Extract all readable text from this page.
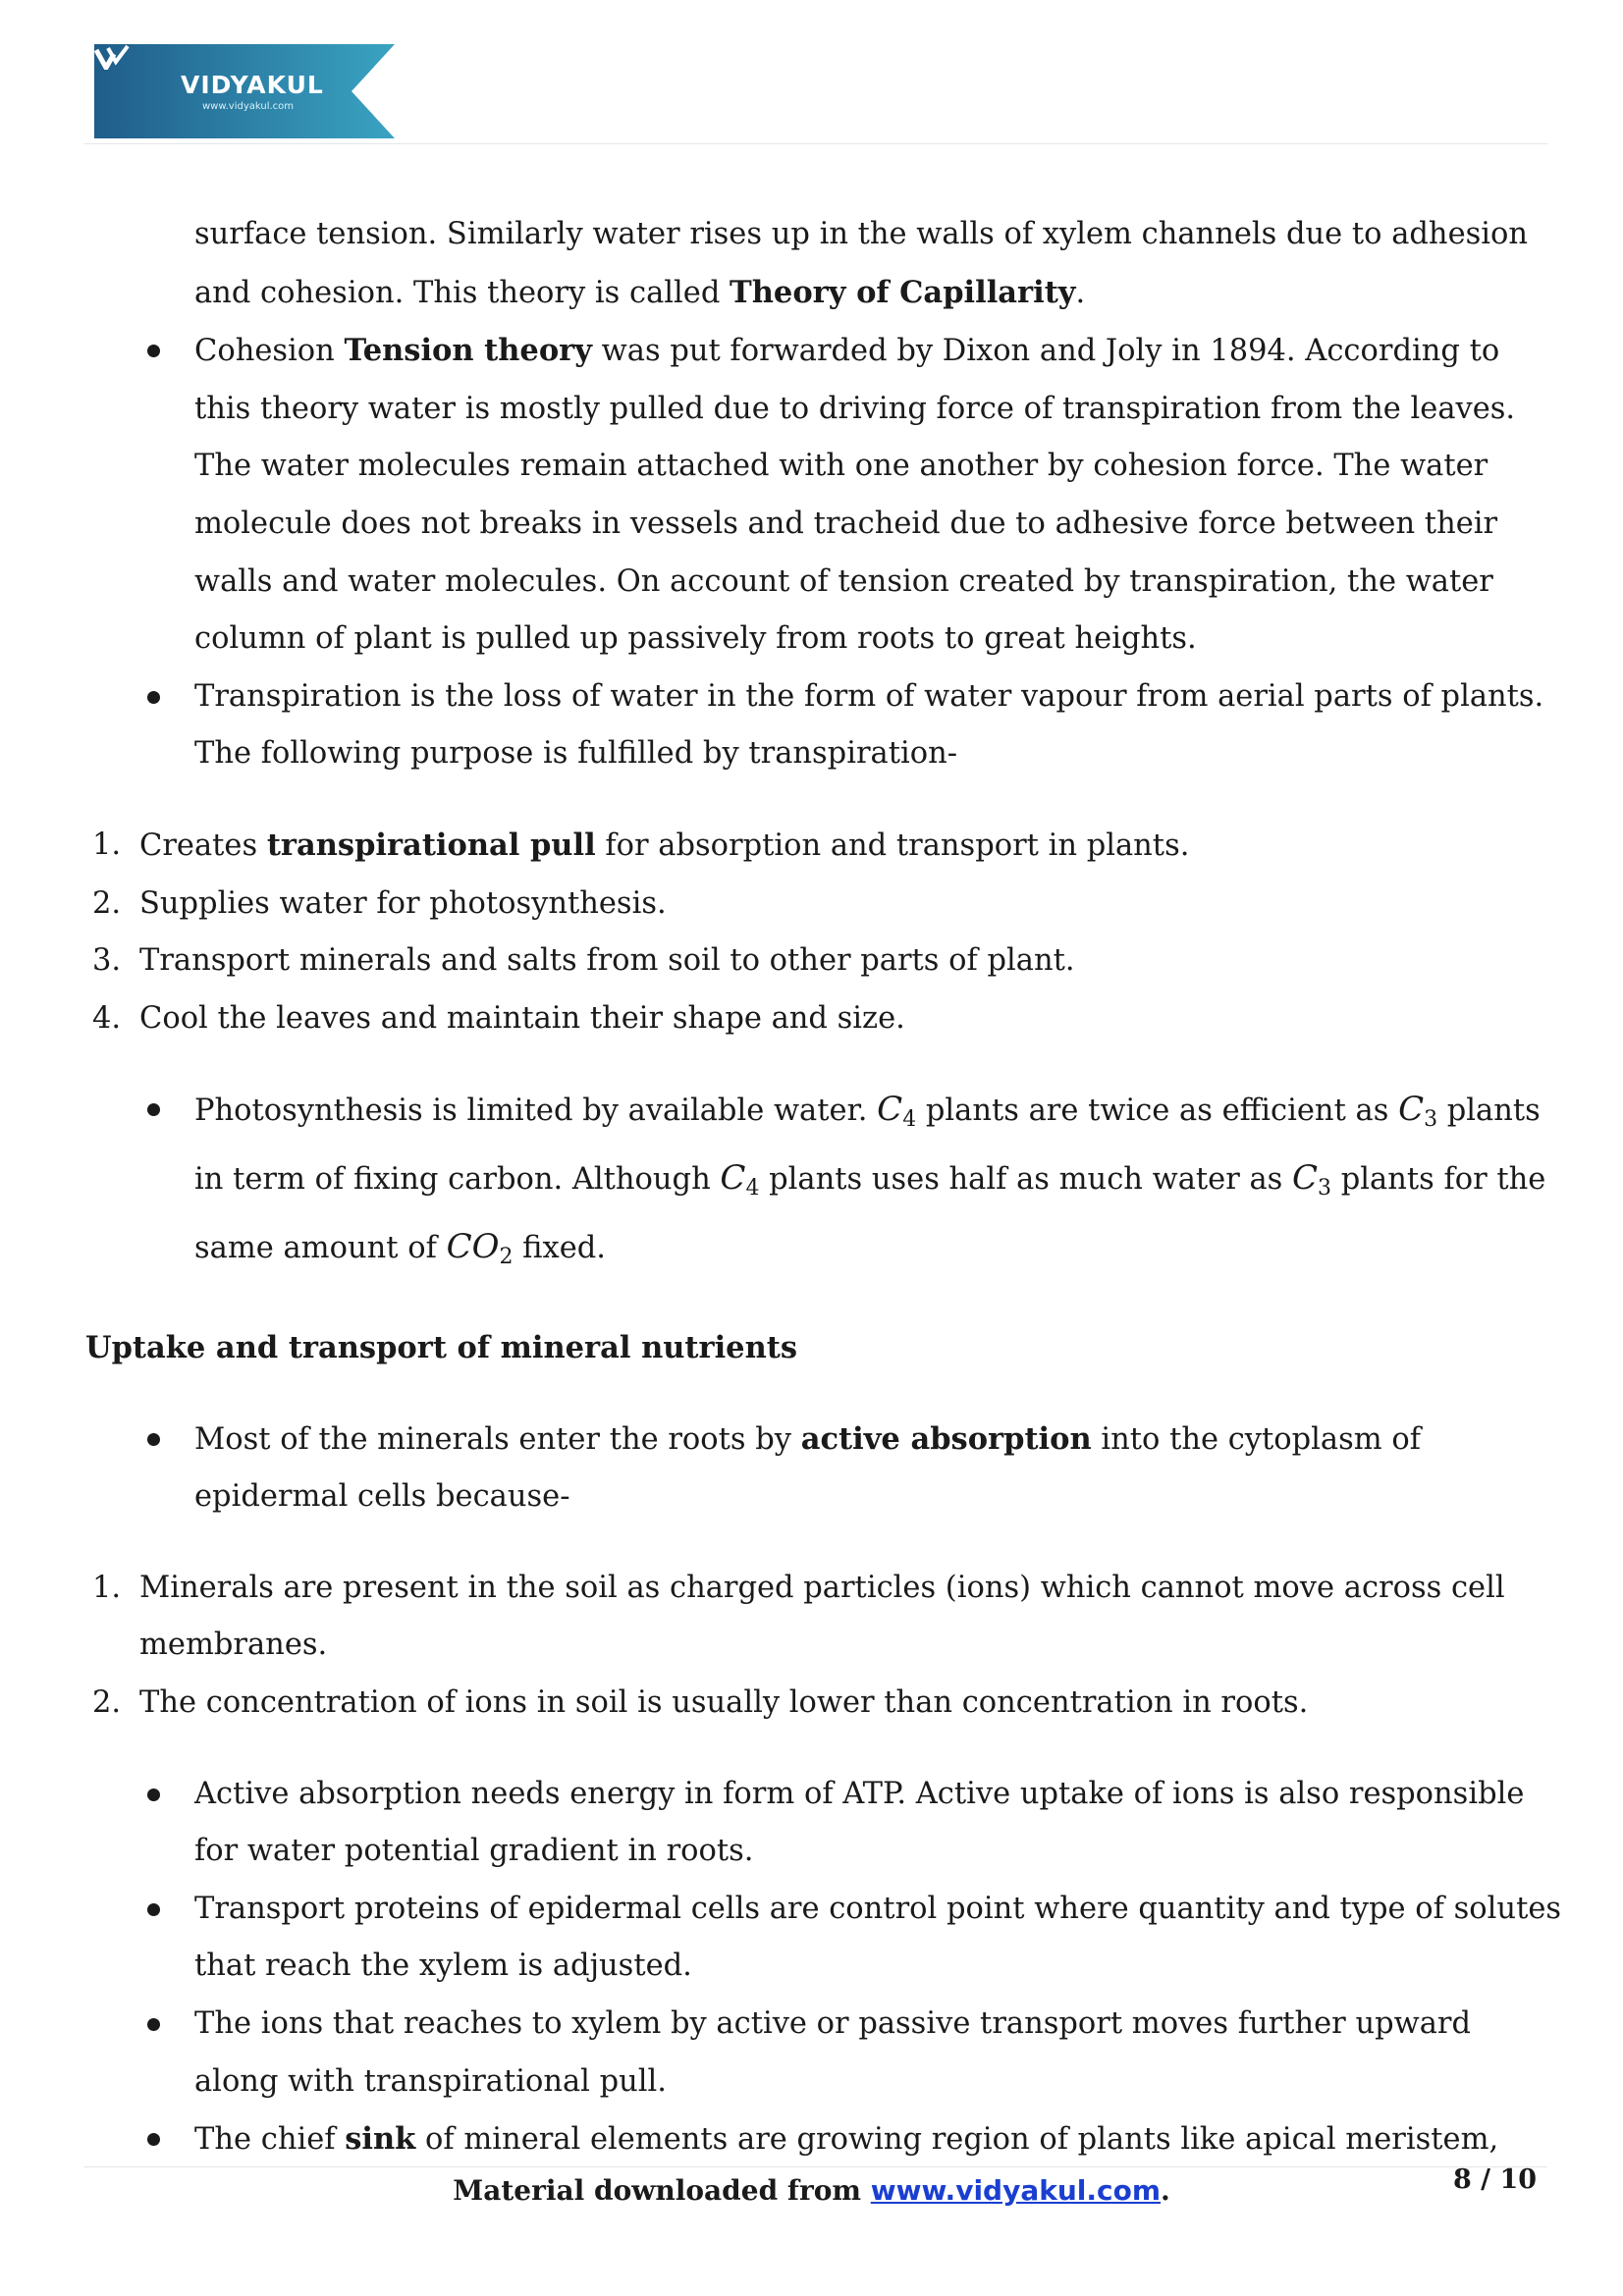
VIDYAKUL
www.vidyakul.com

surface tension. Similarly water rises up in the walls of xylem channels due to adhesion and cohesion. This theory is called Theory of Capillarity.

Cohesion Tension theory was put forwarded by Dixon and Joly in 1894. According to this theory water is mostly pulled due to driving force of transpiration from the leaves. The water molecules remain attached with one another by cohesion force. The water molecule does not breaks in vessels and tracheid due to adhesive force between their walls and water molecules. On account of tension created by transpiration, the water column of plant is pulled up passively from roots to great heights.

Transpiration is the loss of water in the form of water vapour from aerial parts of plants. The following purpose is fulfilled by transpiration-

1. Creates transpirational pull for absorption and transport in plants.

2. Supplies water for photosynthesis.

3. Transport minerals and salts from soil to other parts of plant.

4. Cool the leaves and maintain their shape and size.

Photosynthesis is limited by available water. $C_4$ plants are twice as efficient as $C_3$ plants in term of fixing carbon. Although $C_4$ plants uses half as much water as $C_3$ plants for the same amount of $CO_2$ fixed.

Uptake and transport of mineral nutrients

Most of the minerals enter the roots by active absorption into the cytoplasm of epidermal cells because-

1. Minerals are present in the soil as charged particles (ions) which cannot move across cell membranes.

2. The concentration of ions in soil is usually lower than concentration in roots.

Active absorption needs energy in form of ATP. Active uptake of ions is also responsible for water potential gradient in roots.

Transport proteins of epidermal cells are control point where quantity and type of solutes that reach the xylem is adjusted.

The ions that reaches to xylem by active or passive transport moves further upward along with transpirational pull.

The chief sink of mineral elements are growing region of plants like apical meristem,

Material downloaded from www.vidyakul.com.	8 / 10
